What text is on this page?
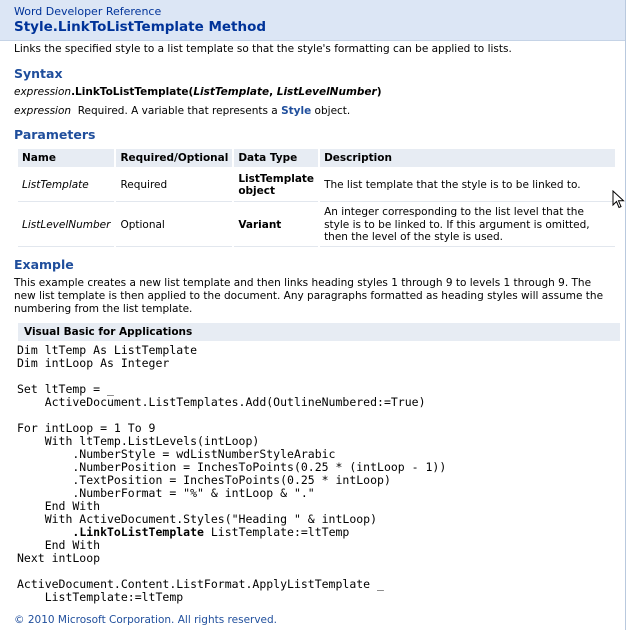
Word Developer Reference
Style.LinkToListTemplate Method
Links the specified style to a list template so that the style's formatting can be applied to lists.
Syntax
expression.LinkToListTemplate(ListTemplate, ListLevelNumber)
expression  Required. A variable that represents a Style object.
Parameters
Name	Required/Optional	Data Type	Description
ListTemplate	Required	ListTemplate object	The list template that the style is to be linked to.
ListLevelNumber	Optional	Variant	An integer corresponding to the list level that the style is to be linked to. If this argument is omitted, then the level of the style is used.
Example

This example creates a new list template and then links heading styles 1 through 9 to levels 1 through 9. The new list template is then applied to the document. Any paragraphs formatted as heading styles will assume the numbering from the list template.

Visual Basic for Applications
Dim ltTemp As ListTemplate
Dim intLoop As Integer

Set ltTemp = _
ActiveDocument.ListTemplates.Add(OutlineNumbered:=True)

For intLoop = 1 To 9
With ltTemp.ListLevels(intLoop)
.NumberStyle = wdListNumberStyleArabic
.NumberPosition = InchesToPoints(0.25 * (intLoop - 1))
.TextPosition = InchesToPoints(0.25 * intLoop)
.NumberFormat = "%" & intLoop & "."
End With
With ActiveDocument.Styles("Heading " & intLoop)
.LinkToListTemplate ListTemplate:=ltTemp
End With
Next intLoop

ActiveDocument.Content.ListFormat.ApplyListTemplate _
ListTemplate:=ltTemp
© 2010 Microsoft Corporation. All rights reserved.
